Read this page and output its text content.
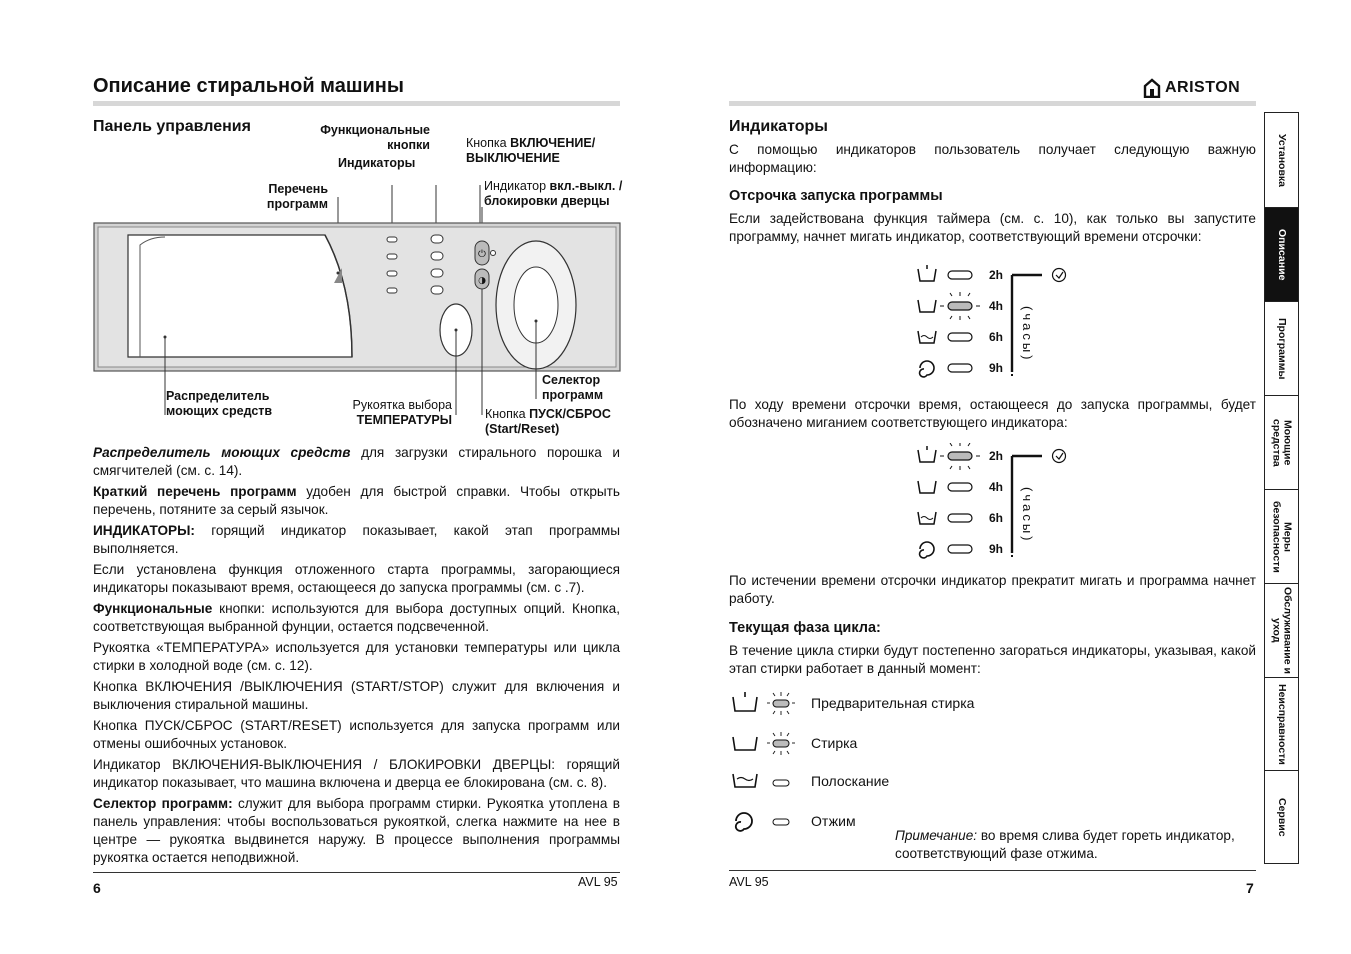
Описание стиральной машины
Панель управления	Функциональные кнопки
Индикаторы
Перечень программ
Кнопка ВКЛЮЧЕНИЕ/ ВЫКЛЮЧЕНИЕ
Индикатор вкл.-выкл. /блокировки дверцы
Распределитель моющих средств	Рукоятка выбора
ТЕМПЕРАТУРЫ
Селектор программ
Кнопка ПУСК/СБРОС (Start/Reset)
⏻
◑
Распределитель моющих средств для загрузки стирального порошка и смягчителей (см. с. 14).
Краткий перечень программ удобен для быстрой справки. Чтобы открыть перечень, потяните за серый язычок.
ИНДИКАТОРЫ: горящий индикатор показывает, какой этап программы выполняется.
Если установлена функция отложенного старта программы, загорающиеся индикаторы показывают время, остающееся до запуска программы (см. с .7).
Функциональные кнопки: используются для выбора доступных опций. Кнопка, соответствующая выбранной фунции, остается подсвеченной.
Рукоятка «ТЕМПЕРАТУРА» используется для установки температуры или цикла стирки в холодной воде (см. с. 12).
Кнопка ВКЛЮЧЕНИЯ /ВЫКЛЮЧЕНИЯ (START/STOP) служит для включения и выключения стиральной машины.
Кнопка ПУСК/СБРОС (START/RESET) используется для запуска программ или отмены ошибочных установок.
Индикатор ВКЛЮЧЕНИЯ-ВЫКЛЮЧЕНИЯ / БЛОКИРОВКИ ДВЕРЦЫ: горящий индикатор показывает, что машина включена и дверца ее блокирована (см. с. 8).
Селектор программ: служит для выбора программ стирки. Рукоятка утоплена в панель управления: чтобы воспользоваться рукояткой, слегка нажмите на нее в центре — рукоятка выдвинется наружу. В процессе выполнения программы рукоятка остается неподвижной.
6	AVL 95
ARISTON
Индикаторы
С помощью индикаторов пользователь получает следующую важную информацию:
Отсрочка запуска программы
Если задействована функция таймера (см. с. 10), как только вы запустите программу, начнет мигать индикатор, соответствующий времени отсрочки:
2h
4h
6h
9h
(часы)
По ходу времени отсрочки время, остающееся до запуска программы, будет обозначено миганием соответствующего индикатора:
2h
4h
6h
9h
(часы)
По истечении времени отсрочки индикатор прекратит мигать и программа начнет работу.
Текущая фаза цикла:
В течение цикла стирки будут постепенно загораться индикаторы, указывая, какой этап стирки работает в данный момент:
Предварительная стирка
Стирка
Полоскание
Отжим
Примечание: во время слива будет гореть индикатор, соответствующий фазе отжима.
AVL 95	7
Установка
Описание
Программы
Моющие средства
Меры безопасности
Обслуживание и уход
Неисправности
Сервис
